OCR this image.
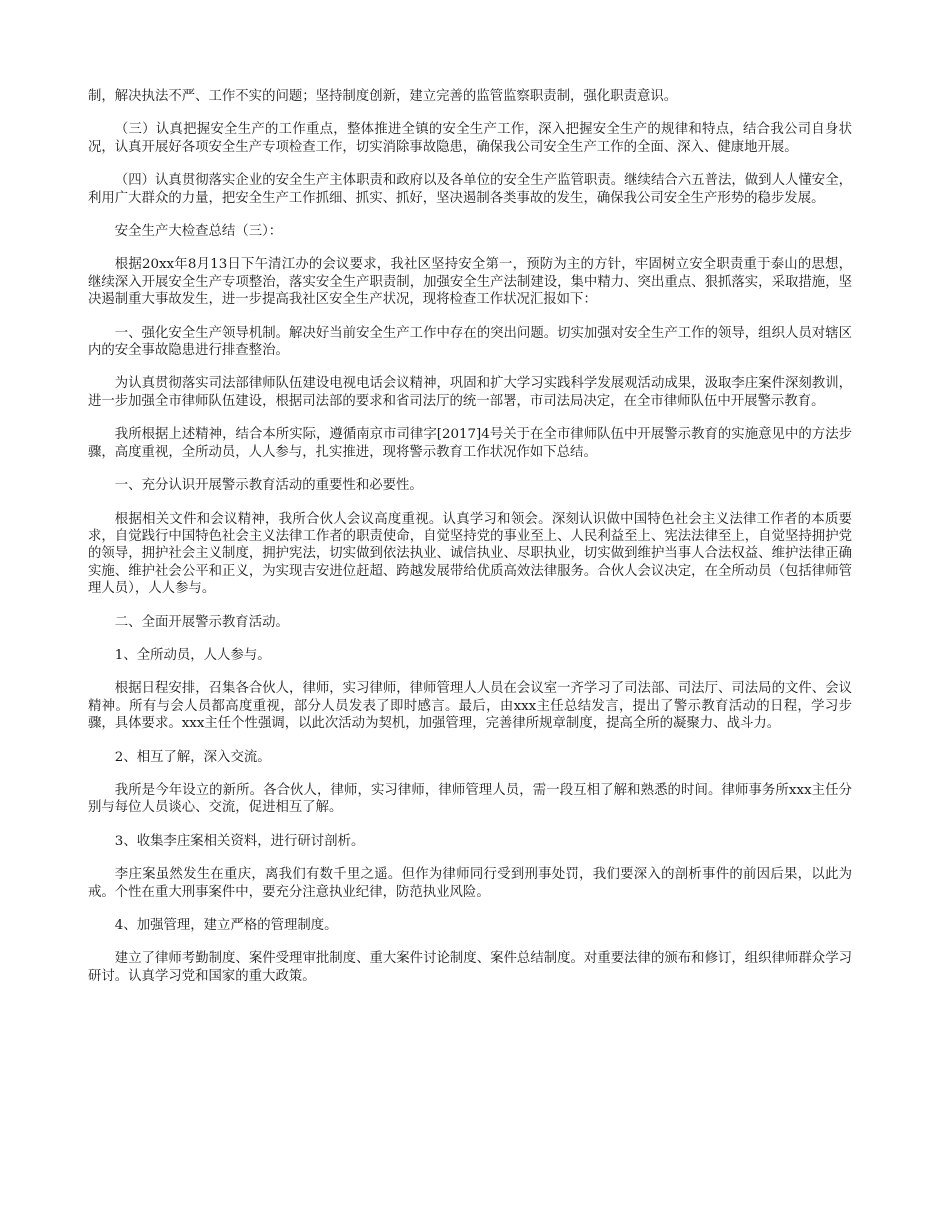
制，解决执法不严、工作不实的问题；坚持制度创新，建立完善的监管监察职责制，强化职责意识。

（三）认真把握安全生产的工作重点，整体推进全镇的安全生产工作，深入把握安全生产的规律和特点，结合我公司自身状况，认真开展好各项安全生产专项检查工作，切实消除事故隐患，确保我公司安全生产工作的全面、深入、健康地开展。

（四）认真贯彻落实企业的安全生产主体职责和政府以及各单位的安全生产监管职责。继续结合六五普法，做到人人懂安全，利用广大群众的力量，把安全生产工作抓细、抓实、抓好，坚决遏制各类事故的发生，确保我公司安全生产形势的稳步发展。

安全生产大检查总结（三）：

根据20xx年8月13日下午清江办的会议要求，我社区坚持安全第一，预防为主的方针，牢固树立安全职责重于泰山的思想，继续深入开展安全生产专项整治，落实安全生产职责制，加强安全生产法制建设，集中精力、突出重点、狠抓落实，采取措施，坚决遏制重大事故发生，进一步提高我社区安全生产状况，现将检查工作状况汇报如下：

一、强化安全生产领导机制。解决好当前安全生产工作中存在的突出问题。切实加强对安全生产工作的领导，组织人员对辖区内的安全事故隐患进行排查整治。

为认真贯彻落实司法部律师队伍建设电视电话会议精神，巩固和扩大学习实践科学发展观活动成果，汲取李庄案件深刻教训，进一步加强全市律师队伍建设，根据司法部的要求和省司法厅的统一部署，市司法局决定，在全市律师队伍中开展警示教育。

我所根据上述精神，结合本所实际，遵循南京市司律字[2017]4号关于在全市律师队伍中开展警示教育的实施意见中的方法步骤，高度重视，全所动员，人人参与，扎实推进，现将警示教育工作状况作如下总结。

一、充分认识开展警示教育活动的重要性和必要性。

根据相关文件和会议精神，我所合伙人会议高度重视。认真学习和领会。深刻认识做中国特色社会主义法律工作者的本质要求，自觉践行中国特色社会主义法律工作者的职责使命，自觉坚持党的事业至上、人民利益至上、宪法法律至上，自觉坚持拥护党的领导，拥护社会主义制度，拥护宪法，切实做到依法执业、诚信执业、尽职执业，切实做到维护当事人合法权益、维护法律正确实施、维护社会公平和正义，为实现吉安进位赶超、跨越发展带给优质高效法律服务。合伙人会议决定，在全所动员（包括律师管理人员），人人参与。

二、全面开展警示教育活动。

1、全所动员，人人参与。

根据日程安排，召集各合伙人，律师，实习律师，律师管理人人员在会议室一齐学习了司法部、司法厅、司法局的文件、会议精神。所有与会人员都高度重视，部分人员发表了即时感言。最后，由xxx主任总结发言，提出了警示教育活动的日程，学习步骤，具体要求。xxx主任个性强调，以此次活动为契机，加强管理，完善律所规章制度，提高全所的凝聚力、战斗力。

2、相互了解，深入交流。

我所是今年设立的新所。各合伙人，律师，实习律师，律师管理人员，需一段互相了解和熟悉的时间。律师事务所xxx主任分别与每位人员谈心、交流，促进相互了解。

3、收集李庄案相关资料，进行研讨剖析。

李庄案虽然发生在重庆，离我们有数千里之遥。但作为律师同行受到刑事处罚，我们要深入的剖析事件的前因后果，以此为戒。个性在重大刑事案件中，要充分注意执业纪律，防范执业风险。

4、加强管理，建立严格的管理制度。

建立了律师考勤制度、案件受理审批制度、重大案件讨论制度、案件总结制度。对重要法律的颁布和修订，组织律师群众学习研讨。认真学习党和国家的重大政策。
